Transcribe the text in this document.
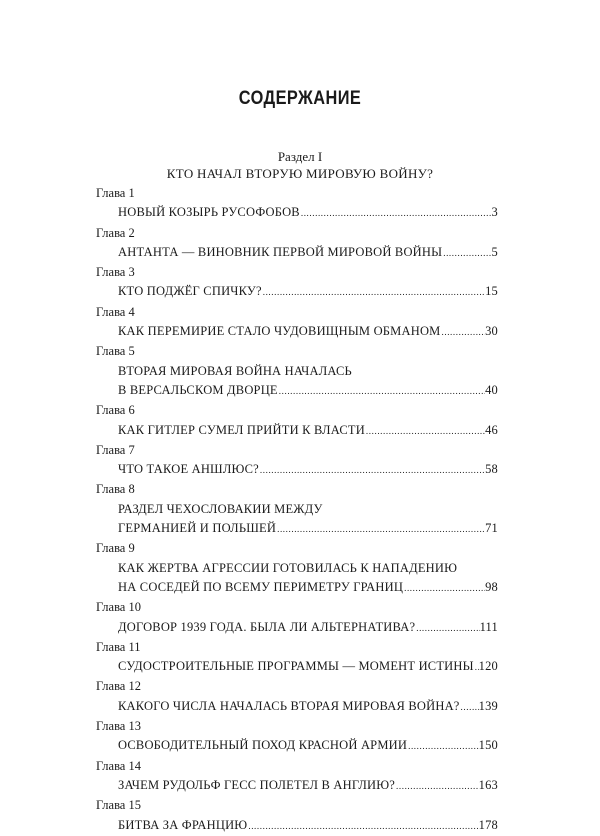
СОДЕРЖАНИЕ
Раздел I
КТО НАЧАЛ ВТОРУЮ МИРОВУЮ ВОЙНУ?
Глава 1
НОВЫЙ КОЗЫРЬ РУСОФОБОВ .....	3
Глава 2
АНТАНТА — ВИНОВНИК ПЕРВОЙ МИРОВОЙ ВОЙНЫ .....	5
Глава 3
КТО ПОДЖЁГ СПИЧКУ? .....	15
Глава 4
КАК ПЕРЕМИРИЕ СТАЛО ЧУДОВИЩНЫМ ОБМАНОМ .....	30
Глава 5
ВТОРАЯ МИРОВАЯ ВОЙНА НАЧАЛАСЬ
В ВЕРСАЛЬСКОМ ДВОРЦЕ .....	40
Глава 6
КАК ГИТЛЕР СУМЕЛ ПРИЙТИ К ВЛАСТИ .....	46
Глава 7
ЧТО ТАКОЕ АНШЛЮС? .....	58
Глава 8
РАЗДЕЛ ЧЕХОСЛОВАКИИ МЕЖДУ
ГЕРМАНИЕЙ И ПОЛЬШЕЙ .....	71
Глава 9
КАК ЖЕРТВА АГРЕССИИ ГОТОВИЛАСЬ К НАПАДЕНИЮ
НА СОСЕДЕЙ ПО ВСЕМУ ПЕРИМЕТРУ ГРАНИЦ .....	98
Глава 10
ДОГОВОР 1939 ГОДА. БЫЛА ЛИ АЛЬТЕРНАТИВА? .....	111
Глава 11
СУДОСТРОИТЕЛЬНЫЕ ПРОГРАММЫ — МОМЕНТ ИСТИНЫ ..... 120
Глава 12
КАКОГО ЧИСЛА НАЧАЛАСЬ ВТОРАЯ МИРОВАЯ ВОЙНА? ..... 139
Глава 13
ОСВОБОДИТЕЛЬНЫЙ ПОХОД КРАСНОЙ АРМИИ .....	150
Глава 14
ЗАЧЕМ РУДОЛЬФ ГЕСС ПОЛЕТЕЛ В АНГЛИЮ? .....	163
Глава 15
БИТВА ЗА ФРАНЦИЮ .....	178
